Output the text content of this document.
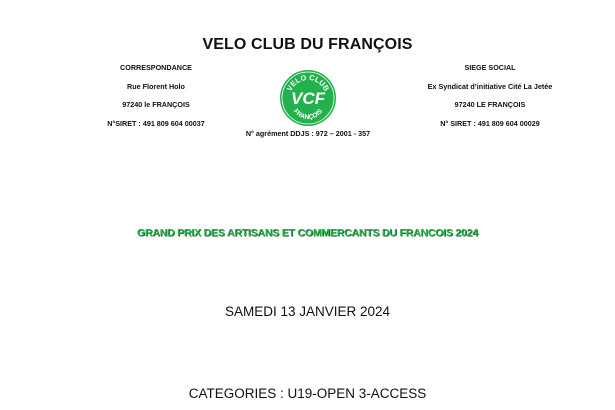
VELO CLUB DU FRANÇOIS
CORRESPONDANCE
Rue Florent Holo
97240 le FRANÇOIS
N°SIRET : 491 809 604 00037
VELO CLUB
VCF
FRANÇOIS
N° agrément DDJS : 972 – 2001 - 357
SIEGE SOCIAL
Ex Syndicat d’initiative Cité La Jetée
97240 LE FRANÇOIS
N° SIRET : 491 809 604 00029
GRAND PRIX DES ARTISANS ET COMMERCANTS DU FRANCOIS 2024
SAMEDI 13 JANVIER 2024
CATEGORIES : U19-OPEN 3-ACCESS
